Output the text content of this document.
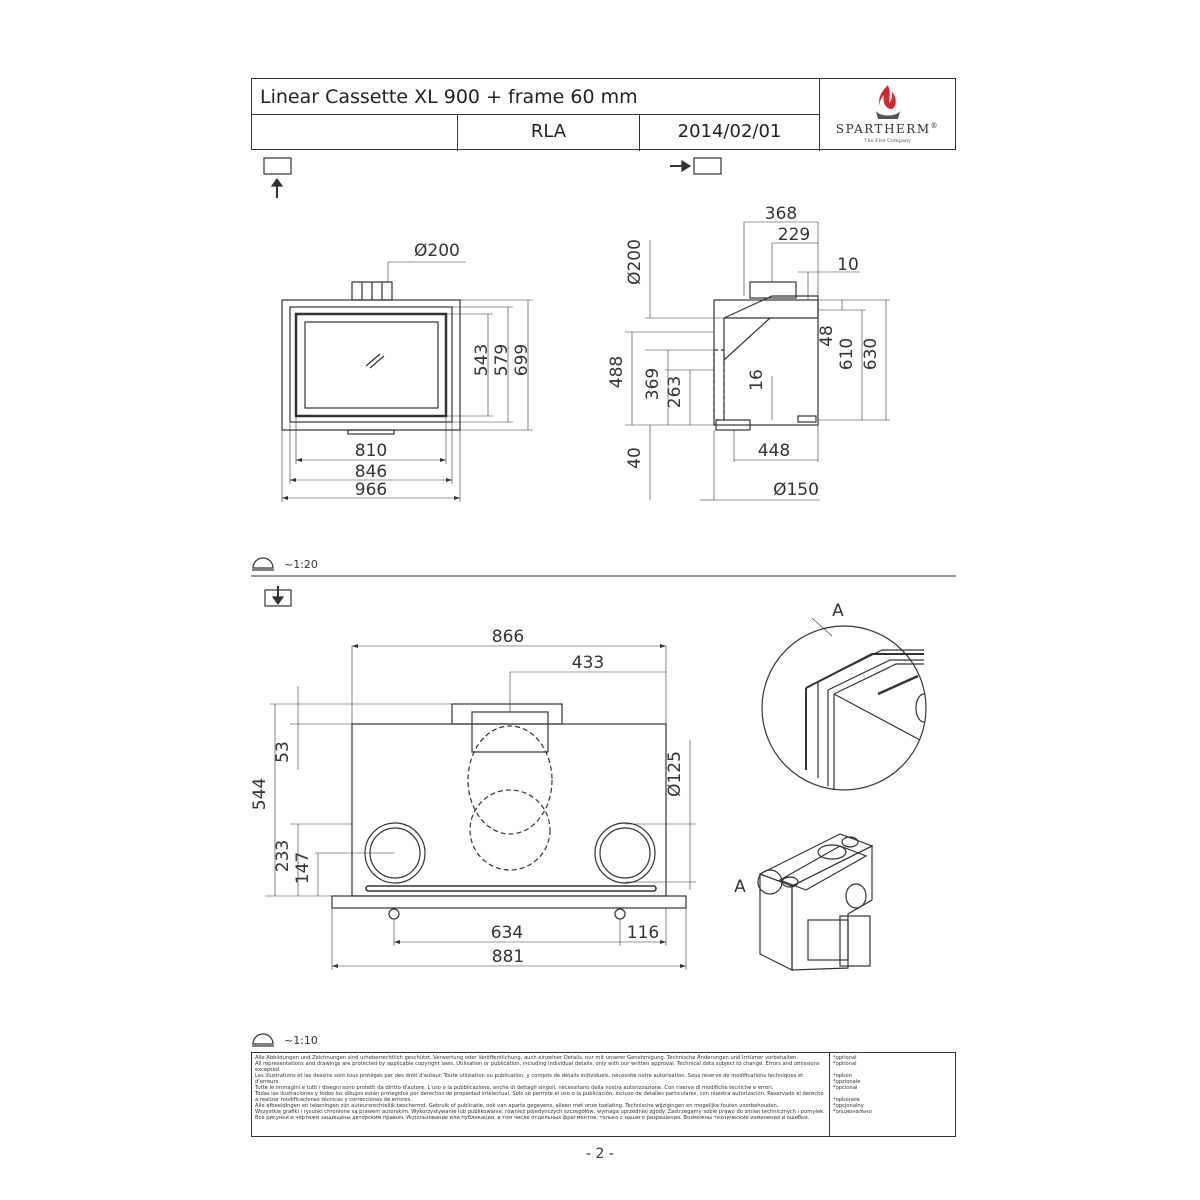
Linear Cassette XL 900 + frame 60 mm
RLA	2014/02/01	SPARTHERM®
The Fire Company
Ø200
543 579 699
810
846
966
368
229
10
Ø200
488 369 263
40
48
610 630
16
448
Ø150
866
433
544
53
233 147
Ø125
634	116
881
A
A
~1:20
~1:10
Alle Abbildungen und Zeichnungen sind urheberrechtlich geschützt. Verwertung oder Veröffentlichung, auch einzelner Details, nur mit unserer Genehmigung. Technische Änderungen und Irrtümer vorbehalten.
All representations and drawings are protected by applicable copyright laws. Utilisation or publication, including individual details, only with our written approval. Technical data subject to change. Errors and omissions excepted.
Les illustrations et les dessins sont tous protégés par des droit d'auteur. Toute utilisation ou publication, y compris de détails individuels, nécessite notre autorisation. Sous réserve de modifications techniques et d'erreurs.
Tutte le immagini e tutti i disegni sono protetti da diritto d'autore. L'uso o la pubblicazione, anche di dettagli singoli, necessitano della nostra autorizzazione. Con riserva di modifiche tecniche e errori.
Todas las ilustraciones y todos los dibujos están protegidos por derechos de propiedad intelectual. Solo se permite el uso o la publicación, incluso de detalles particulares, con nuestra autorización. Reservado el derecho a realizar modificaciones técnicas y correcciones de errores.
Alle afbeeldingen en tekeningen zijn auteursrechtelijk beschermd. Gebruik of publicatie, ook van aparte gegevens, alleen met onze toelating. Technische wijzigingen en mogelijke fouten voorbehouden.
Wszystkie grafiki i rysunki chronione są prawem autorskim. Wykorzystywanie lub publikowanie, również pojedynczych szczegółów, wymaga uprzedniej zgody. Zastrzegamy sobie prawo do zmian technicznych i pomyłek.
Все рисунки и чертежи защищены авторским правом. Использование или публикация, в том числе отдельных фрагментов, только с нашего разрешения. Возможны технические изменения и ошибки.
*optional
*optional
*option
*opzionale
*opcional
*optionele
*opcjonalny
*опционально
- 2 -
